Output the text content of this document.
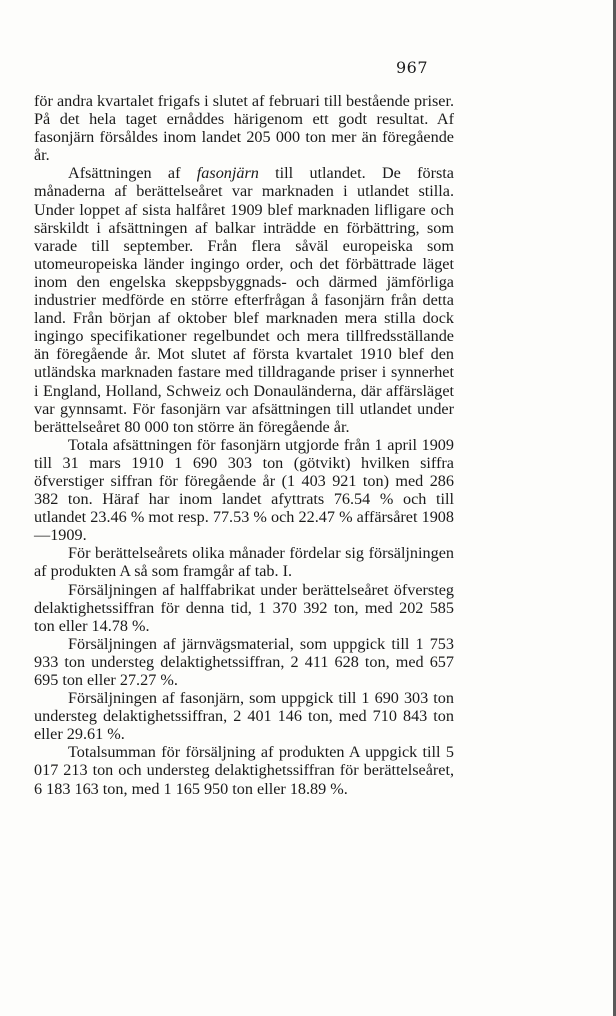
967

för andra kvartalet frigafs i slutet af februari till bestående priser. På det hela taget ernåddes härigenom ett godt resultat. Af fasonjärn försåldes inom landet 205 000 ton mer än föregående år.

Afsättningen af fasonjärn till utlandet. De första månaderna af berättelseåret var marknaden i utlandet stilla. Under loppet af sista halfåret 1909 blef marknaden lifligare och särskildt i afsättningen af balkar inträdde en förbättring, som varade till september. Från flera såväl europeiska som utomeuropeiska länder ingingo order, och det förbättrade läget inom den engelska skeppsbyggnads- och därmed jämförliga industrier medförde en större efterfrågan å fasonjärn från detta land. Från början af oktober blef marknaden mera stilla dock ingingo specifikationer regelbundet och mera tillfredsställande än föregående år. Mot slutet af första kvartalet 1910 blef den utländska marknaden fastare med tilldragande priser i synnerhet i England, Holland, Schweiz och Donauländerna, där affärsläget var gynnsamt. För fasonjärn var afsättningen till utlandet under berättelseåret 80 000 ton större än föregående år.

Totala afsättningen för fasonjärn utgjorde från 1 april 1909 till 31 mars 1910 1 690 303 ton (götvikt) hvilken siffra öfverstiger siffran för föregående år (1 403 921 ton) med 286 382 ton. Häraf har inom landet afyttrats 76.54 % och till utlandet 23.46 % mot resp. 77.53 % och 22.47 % affärsåret 1908—1909.

För berättelseårets olika månader fördelar sig försäljningen af produkten A så som framgår af tab. I.

Försäljningen af halffabrikat under berättelseåret öfversteg delaktighetssiffran för denna tid, 1 370 392 ton, med 202 585 ton eller 14.78 %.

Försäljningen af järnvägsmaterial, som uppgick till 1 753 933 ton understeg delaktighetssiffran, 2 411 628 ton, med 657 695 ton eller 27.27 %.

Försäljningen af fasonjärn, som uppgick till 1 690 303 ton understeg delaktighetssiffran, 2 401 146 ton, med 710 843 ton eller 29.61 %.

Totalsumman för försäljning af produkten A uppgick till 5 017 213 ton och understeg delaktighetssiffran för berättelseåret, 6 183 163 ton, med 1 165 950 ton eller 18.89 %.
